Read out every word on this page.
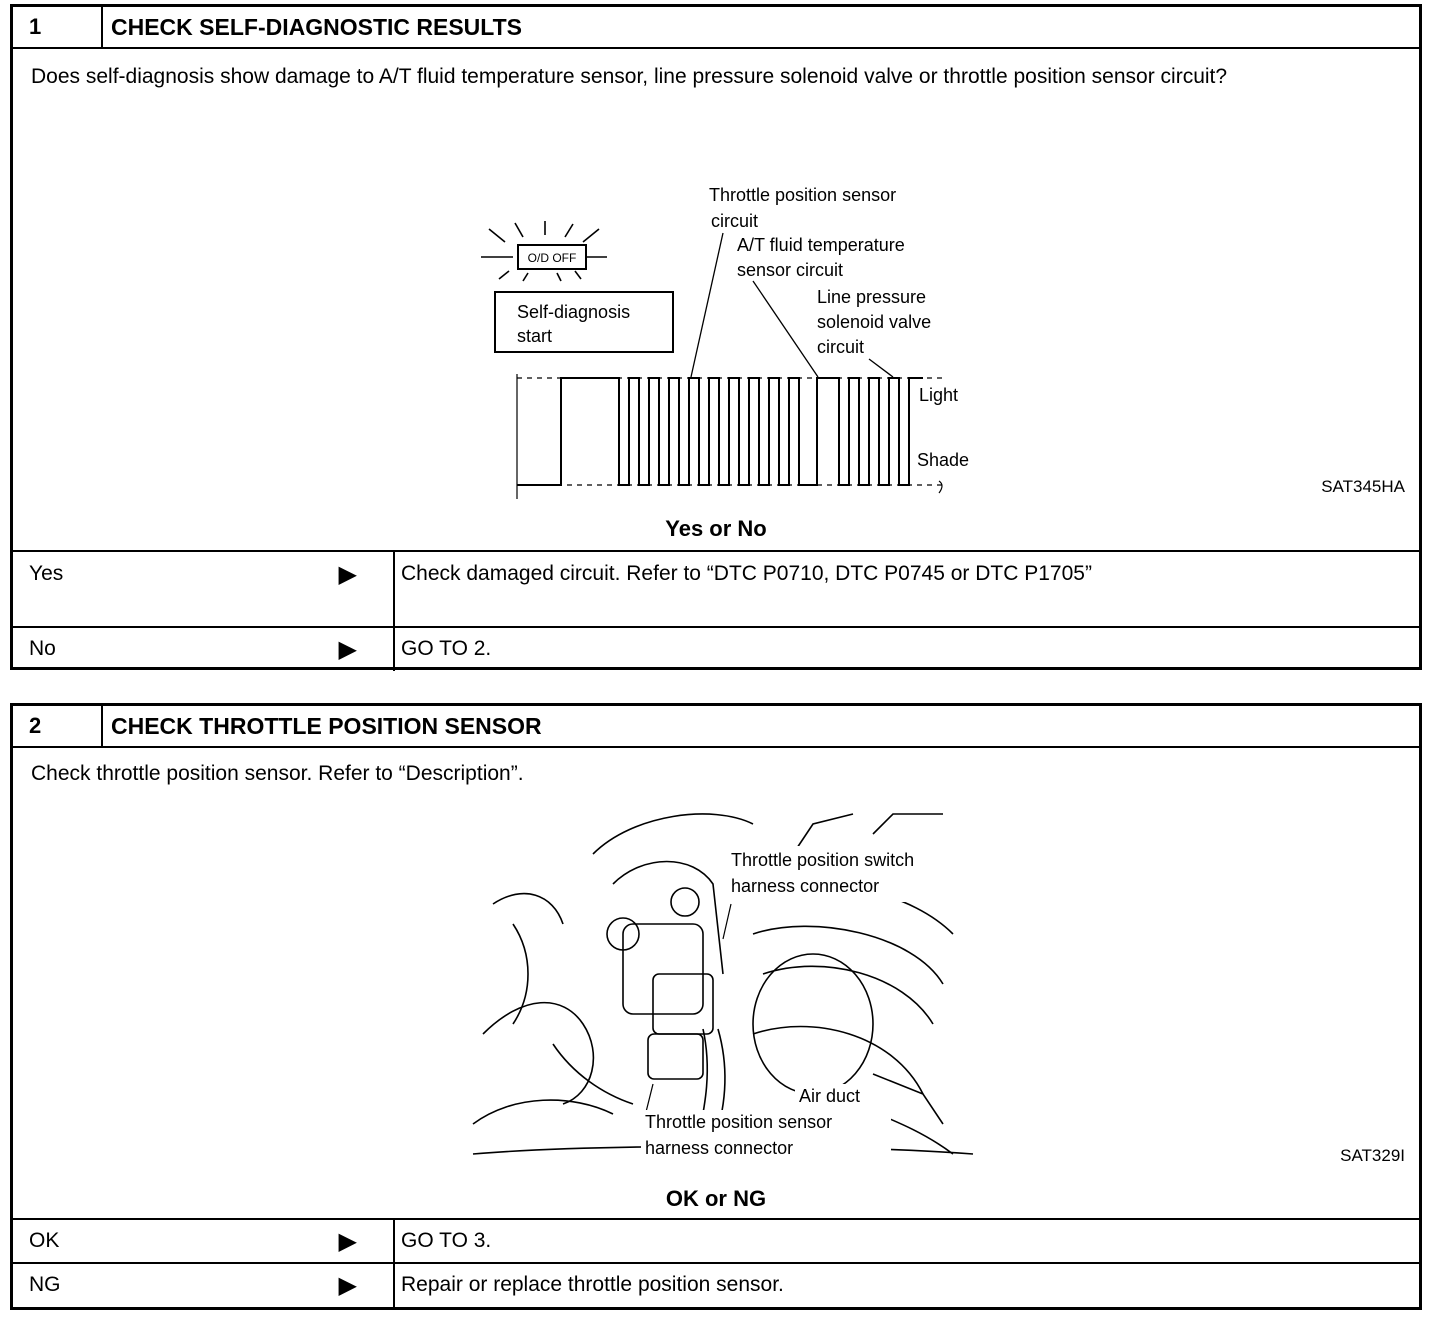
1	CHECK SELF-DIAGNOSTIC RESULTS
Does self-diagnosis show damage to A/T fluid temperature sensor, line pressure solenoid valve or throttle position sensor circuit?
O/D OFF
Self-diagnosis
start
Throttle position sensor
circuit
A/T fluid temperature
sensor circuit
Line pressure
solenoid valve
circuit
Light
Shade
SAT345HA
Yes or No
Yes	▶ Check damaged circuit. Refer to “DTC P0710, DTC P0745 or DTC P1705”
No	▶ GO TO 2.
2	CHECK THROTTLE POSITION SENSOR
Check throttle position sensor. Refer to “Description”.
Throttle position switch
harness connector
Air duct
Throttle position sensor
harness connector	SAT329I
OK or NG
OK	▶ GO TO 3.
NG	▶ Repair or replace throttle position sensor.
